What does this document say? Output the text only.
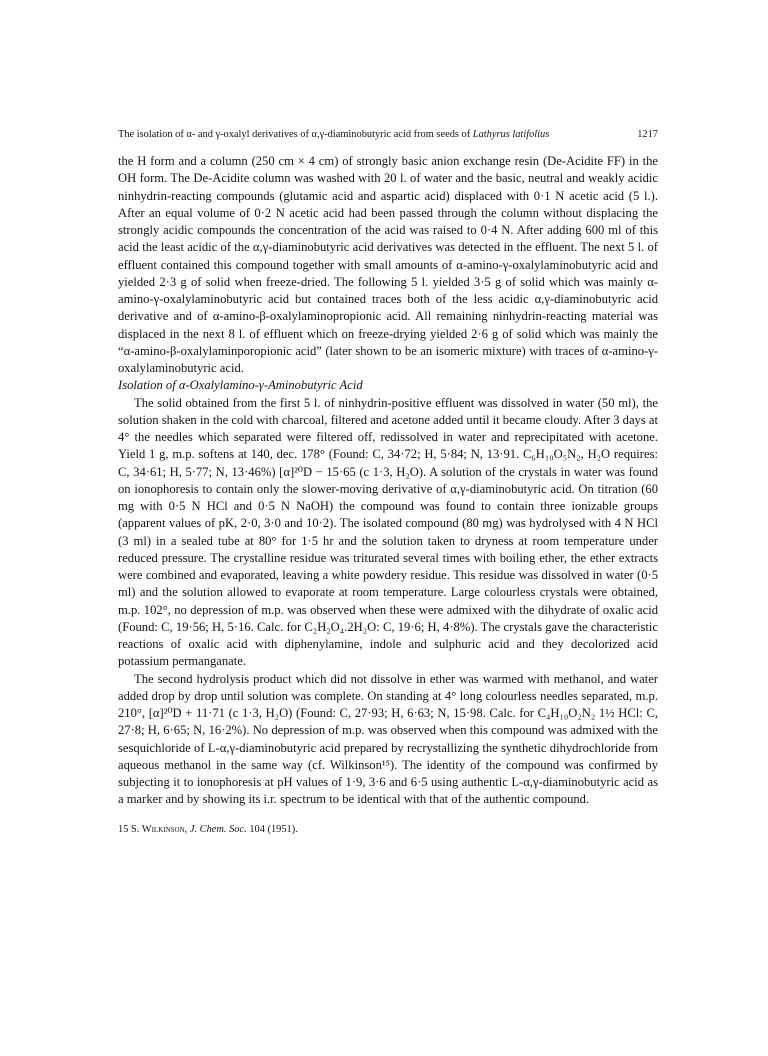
The isolation of α- and γ-oxalyl derivatives of α,γ-diaminobutyric acid from seeds of Lathyrus latifolius	1217

the H form and a column (250 cm × 4 cm) of strongly basic anion exchange resin (De-Acidite FF) in the OH form. The De-Acidite column was washed with 20 l. of water and the basic, neutral and weakly acidic ninhydrin-reacting compounds (glutamic acid and aspartic acid) displaced with 0·1 N acetic acid (5 l.). After an equal volume of 0·2 N acetic acid had been passed through the column without displacing the strongly acidic compounds the concentration of the acid was raised to 0·4 N. After adding 600 ml of this acid the least acidic of the α,γ-diaminobutyric acid derivatives was detected in the effluent. The next 5 l. of effluent contained this compound together with small amounts of α-amino-γ-oxalylaminobutyric acid and yielded 2·3 g of solid when freeze-dried. The following 5 l. yielded 3·5 g of solid which was mainly α-amino-γ-oxalylaminobutyric acid but contained traces both of the less acidic α,γ-diaminobutyric acid derivative and of α-amino-β-oxalylaminopropionic acid. All remaining ninhydrin-reacting material was displaced in the next 8 l. of effluent which on freeze-drying yielded 2·6 g of solid which was mainly the “α-amino-β-oxalylaminporopionic acid” (later shown to be an isomeric mixture) with traces of α-amino-γ-oxalylaminobutyric acid.

Isolation of α-Oxalylamino-γ-Aminobutyric Acid

The solid obtained from the first 5 l. of ninhydrin-positive effluent was dissolved in water (50 ml), the solution shaken in the cold with charcoal, filtered and acetone added until it became cloudy. After 3 days at 4° the needles which separated were filtered off, redissolved in water and reprecipitated with acetone. Yield 1 g, m.p. softens at 140, dec. 178° (Found: C, 34·72; H, 5·84; N, 13·91. C₆H₁₀O₅N₂, H₂O requires: C, 34·61; H, 5·77; N, 13·46%) [α]²⁰D − 15·65 (c 1·3, H₂O). A solution of the crystals in water was found on ionophoresis to contain only the slower-moving derivative of α,γ-diaminobutyric acid. On titration (60 mg with 0·5 N HCl and 0·5 N NaOH) the compound was found to contain three ionizable groups (apparent values of pK, 2·0, 3·0 and 10·2). The isolated compound (80 mg) was hydrolysed with 4 N HCl (3 ml) in a sealed tube at 80° for 1·5 hr and the solution taken to dryness at room temperature under reduced pressure. The crystalline residue was triturated several times with boiling ether, the ether extracts were combined and evaporated, leaving a white powdery residue. This residue was dissolved in water (0·5 ml) and the solution allowed to evaporate at room temperature. Large colourless crystals were obtained, m.p. 102°, no depression of m.p. was observed when these were admixed with the dihydrate of oxalic acid (Found: C, 19·56; H, 5·16. Calc. for C₂H₂O₄.2H₂O: C, 19·6; H, 4·8%). The crystals gave the characteristic reactions of oxalic acid with diphenylamine, indole and sulphuric acid and they decolorized acid potassium permanganate.

The second hydrolysis product which did not dissolve in ether was warmed with methanol, and water added drop by drop until solution was complete. On standing at 4° long colourless needles separated, m.p. 210°, [α]²⁰D + 11·71 (c 1·3, H₂O) (Found: C, 27·93; H, 6·63; N, 15·98. Calc. for C₄H₁₀O₂N₂ 1½ HCl: C, 27·8; H, 6·65; N, 16·2%). No depression of m.p. was observed when this compound was admixed with the sesquichloride of L-α,γ-diaminobutyric acid prepared by recrystallizing the synthetic dihydrochloride from aqueous methanol in the same way (cf. Wilkinson¹⁵). The identity of the compound was confirmed by subjecting it to ionophoresis at pH values of 1·9, 3·6 and 6·5 using authentic L-α,γ-diaminobutyric acid as a marker and by showing its i.r. spectrum to be identical with that of the authentic compound.

15 S. Wilkinson, J. Chem. Soc. 104 (1951).
